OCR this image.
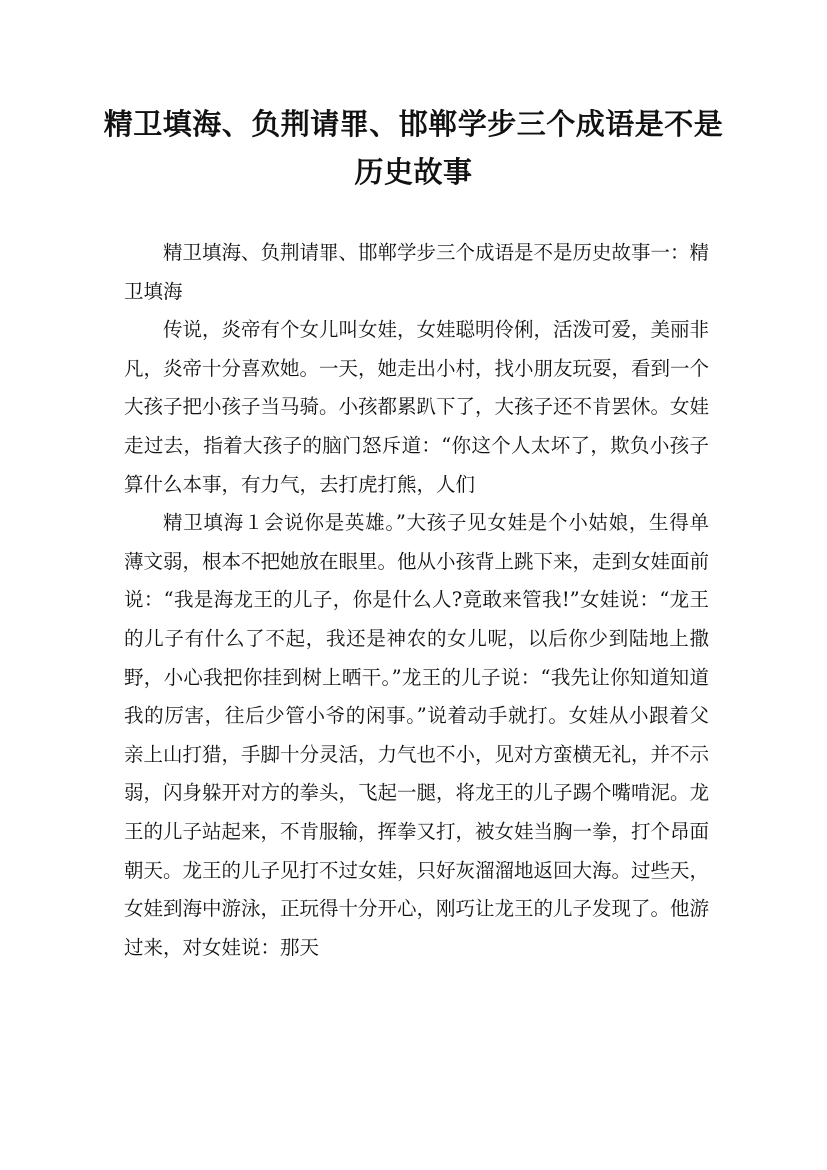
精卫填海、负荆请罪、邯郸学步三个成语是不是历史故事

精卫填海、负荆请罪、邯郸学步三个成语是不是历史故事一：精卫填海

传说，炎帝有个女儿叫女娃，女娃聪明伶俐，活泼可爱，美丽非凡，炎帝十分喜欢她。一天，她走出小村，找小朋友玩耍，看到一个大孩子把小孩子当马骑。小孩都累趴下了，大孩子还不肯罢休。女娃走过去，指着大孩子的脑门怒斥道：“你这个人太坏了，欺负小孩子算什么本事，有力气，去打虎打熊，人们

精卫填海１会说你是英雄。”大孩子见女娃是个小姑娘，生得单薄文弱，根本不把她放在眼里。他从小孩背上跳下来，走到女娃面前说：“我是海龙王的儿子，你是什么人?竟敢来管我!”女娃说：“龙王的儿子有什么了不起，我还是神农的女儿呢，以后你少到陆地上撒野，小心我把你挂到树上晒干。”龙王的儿子说：“我先让你知道知道我的厉害，往后少管小爷的闲事。”说着动手就打。女娃从小跟着父亲上山打猎，手脚十分灵活，力气也不小，见对方蛮横无礼，并不示弱，闪身躲开对方的拳头，飞起一腿，将龙王的儿子踢个嘴啃泥。龙王的儿子站起来，不肯服输，挥拳又打，被女娃当胸一拳，打个昂面朝天。龙王的儿子见打不过女娃，只好灰溜溜地返回大海。过些天，女娃到海中游泳，正玩得十分开心，刚巧让龙王的儿子发现了。他游过来，对女娃说：那天
